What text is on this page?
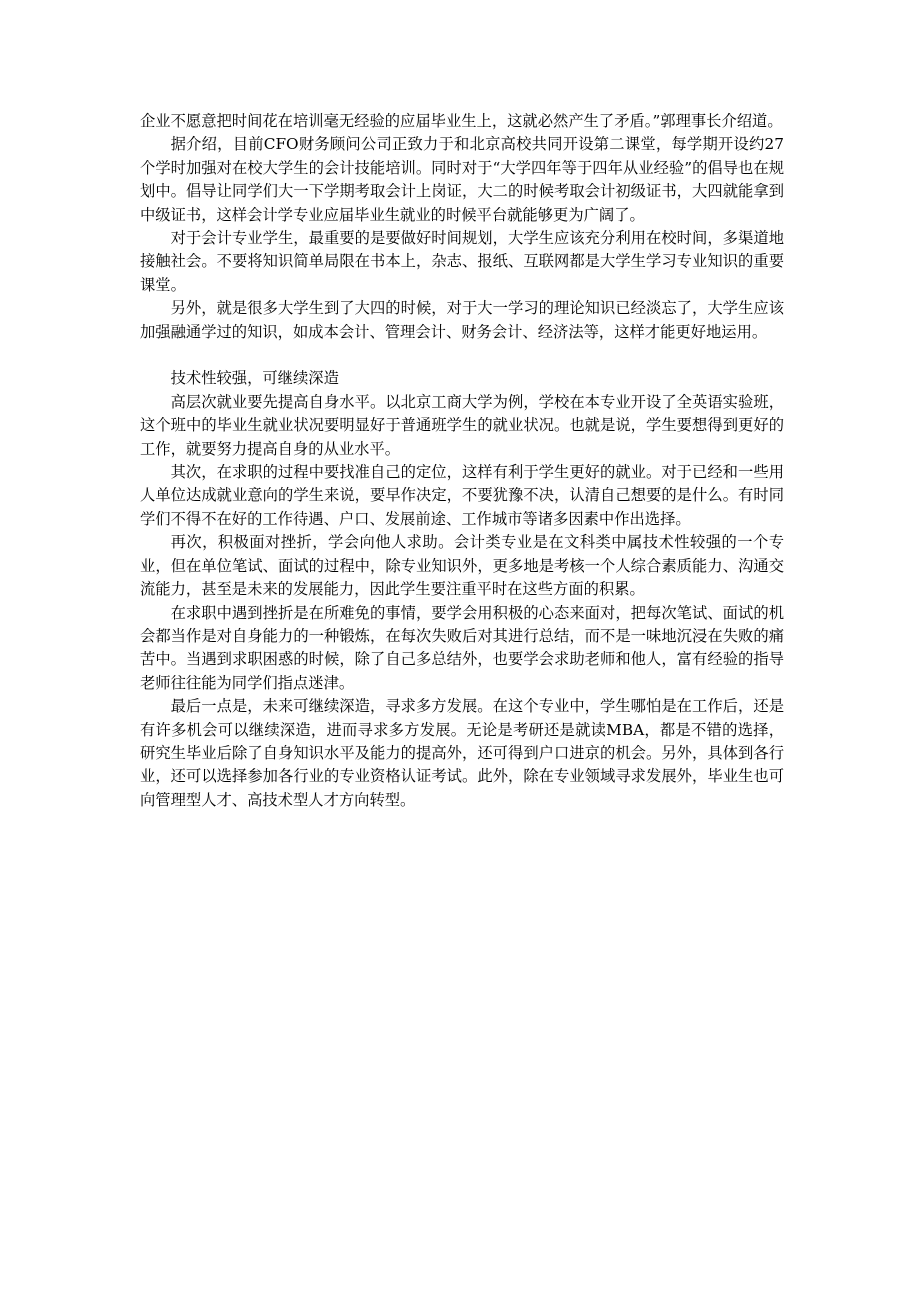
企业不愿意把时间花在培训毫无经验的应届毕业生上，这就必然产生了矛盾。”郭理事长介绍道。

据介绍，目前CFO财务顾问公司正致力于和北京高校共同开设第二课堂，每学期开设约27个学时加强对在校大学生的会计技能培训。同时对于“大学四年等于四年从业经验”的倡导也在规划中。倡导让同学们大一下学期考取会计上岗证，大二的时候考取会计初级证书，大四就能拿到中级证书，这样会计学专业应届毕业生就业的时候平台就能够更为广阔了。

对于会计专业学生，最重要的是要做好时间规划，大学生应该充分利用在校时间，多渠道地接触社会。不要将知识简单局限在书本上，杂志、报纸、互联网都是大学生学习专业知识的重要课堂。

另外，就是很多大学生到了大四的时候，对于大一学习的理论知识已经淡忘了，大学生应该加强融通学过的知识，如成本会计、管理会计、财务会计、经济法等，这样才能更好地运用。

技术性较强，可继续深造

高层次就业要先提高自身水平。以北京工商大学为例，学校在本专业开设了全英语实验班，这个班中的毕业生就业状况要明显好于普通班学生的就业状况。也就是说，学生要想得到更好的工作，就要努力提高自身的从业水平。

其次，在求职的过程中要找准自己的定位，这样有利于学生更好的就业。对于已经和一些用人单位达成就业意向的学生来说，要早作决定，不要犹豫不决，认清自己想要的是什么。有时同学们不得不在好的工作待遇、户口、发展前途、工作城市等诸多因素中作出选择。

再次，积极面对挫折，学会向他人求助。会计类专业是在文科类中属技术性较强的一个专业，但在单位笔试、面试的过程中，除专业知识外，更多地是考核一个人综合素质能力、沟通交流能力，甚至是未来的发展能力，因此学生要注重平时在这些方面的积累。

在求职中遇到挫折是在所难免的事情，要学会用积极的心态来面对，把每次笔试、面试的机会都当作是对自身能力的一种锻炼，在每次失败后对其进行总结，而不是一味地沉浸在失败的痛苦中。当遇到求职困惑的时候，除了自己多总结外，也要学会求助老师和他人，富有经验的指导老师往往能为同学们指点迷津。

最后一点是，未来可继续深造，寻求多方发展。在这个专业中，学生哪怕是在工作后，还是有许多机会可以继续深造，进而寻求多方发展。无论是考研还是就读MBA，都是不错的选择，研究生毕业后除了自身知识水平及能力的提高外，还可得到户口进京的机会。另外，具体到各行业，还可以选择参加各行业的专业资格认证考试。此外，除在专业领域寻求发展外，毕业生也可向管理型人才、高技术型人才方向转型。
